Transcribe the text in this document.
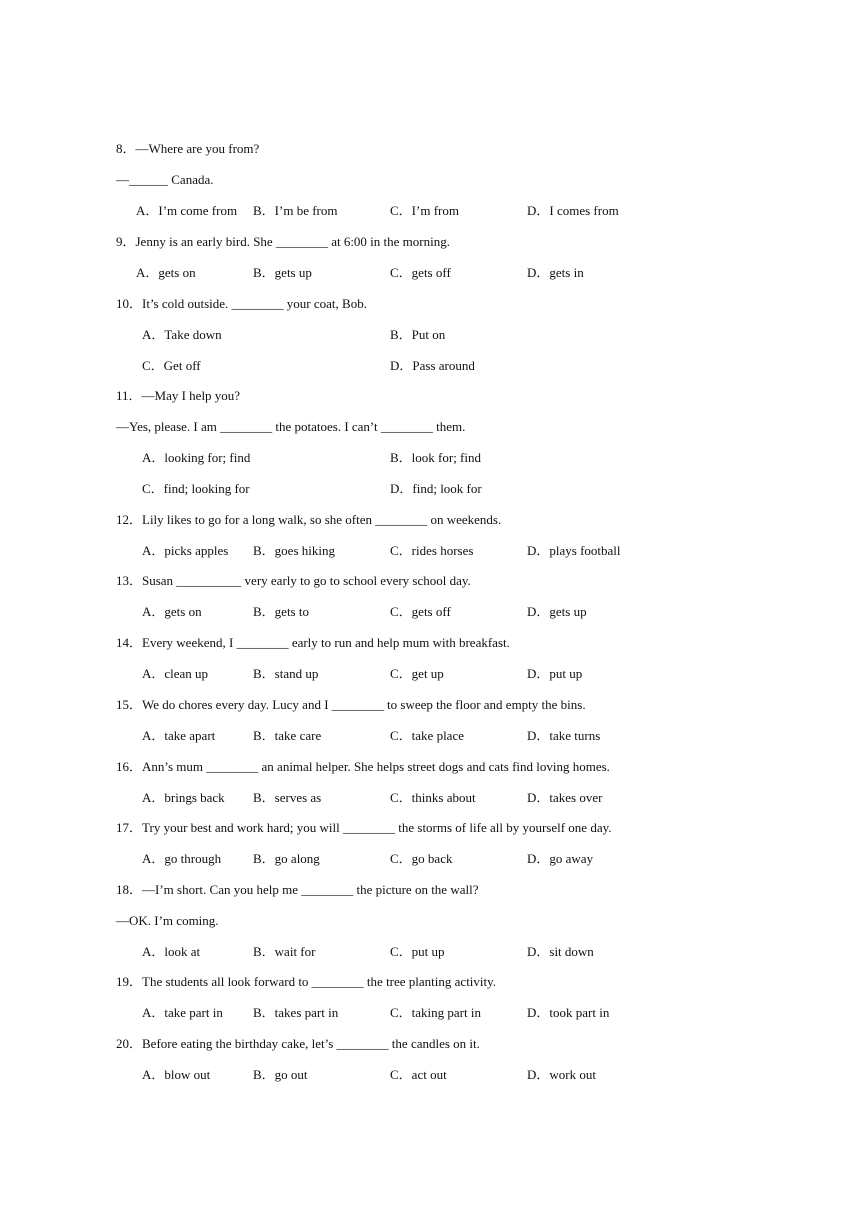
8．—Where are you from?
—______ Canada.
A．I’m come from B．I’m be from	C．I’m from	D．I comes from
9．Jenny is an early bird. She ________ at 6:00 in the morning.
A．gets on	B．gets up	C．gets off	D．gets in
10．It’s cold outside. ________ your coat, Bob.
A．Take down	B．Put on
C．Get off	D．Pass around
11．—May I help you?
—Yes, please. I am ________ the potatoes. I can’t ________ them.
A．looking for; find	B．look for; find
C．find; looking for	D．find; look for
12．Lily likes to go for a long walk, so she often ________ on weekends.
A．picks apples B．goes hiking	C．rides horses	D．plays football
13．Susan __________ very early to go to school every school day.
A．gets on	B．gets to	C．gets off	D．gets up
14．Every weekend, I ________ early to run and help mum with breakfast.
A．clean up	B．stand up	C．get up	D．put up
15．We do chores every day. Lucy and I ________ to sweep the floor and empty the bins.
A．take apart	B．take care	C．take place	D．take turns
16．Ann’s mum ________ an animal helper. She helps street dogs and cats find loving homes.
A．brings back B．serves as	C．thinks about	D．takes over
17．Try your best and work hard; you will ________ the storms of life all by yourself one day.
A．go through B．go along	C．go back	D．go away
18．—I’m short. Can you help me ________ the picture on the wall?
—OK. I’m coming.
A．look at	B．wait for	C．put up	D．sit down
19．The students all look forward to ________ the tree planting activity.
A．take part in B．takes part in	C．taking part in	D．took part in
20．Before eating the birthday cake, let’s ________ the candles on it.
A．blow out	B．go out	C．act out	D．work out
